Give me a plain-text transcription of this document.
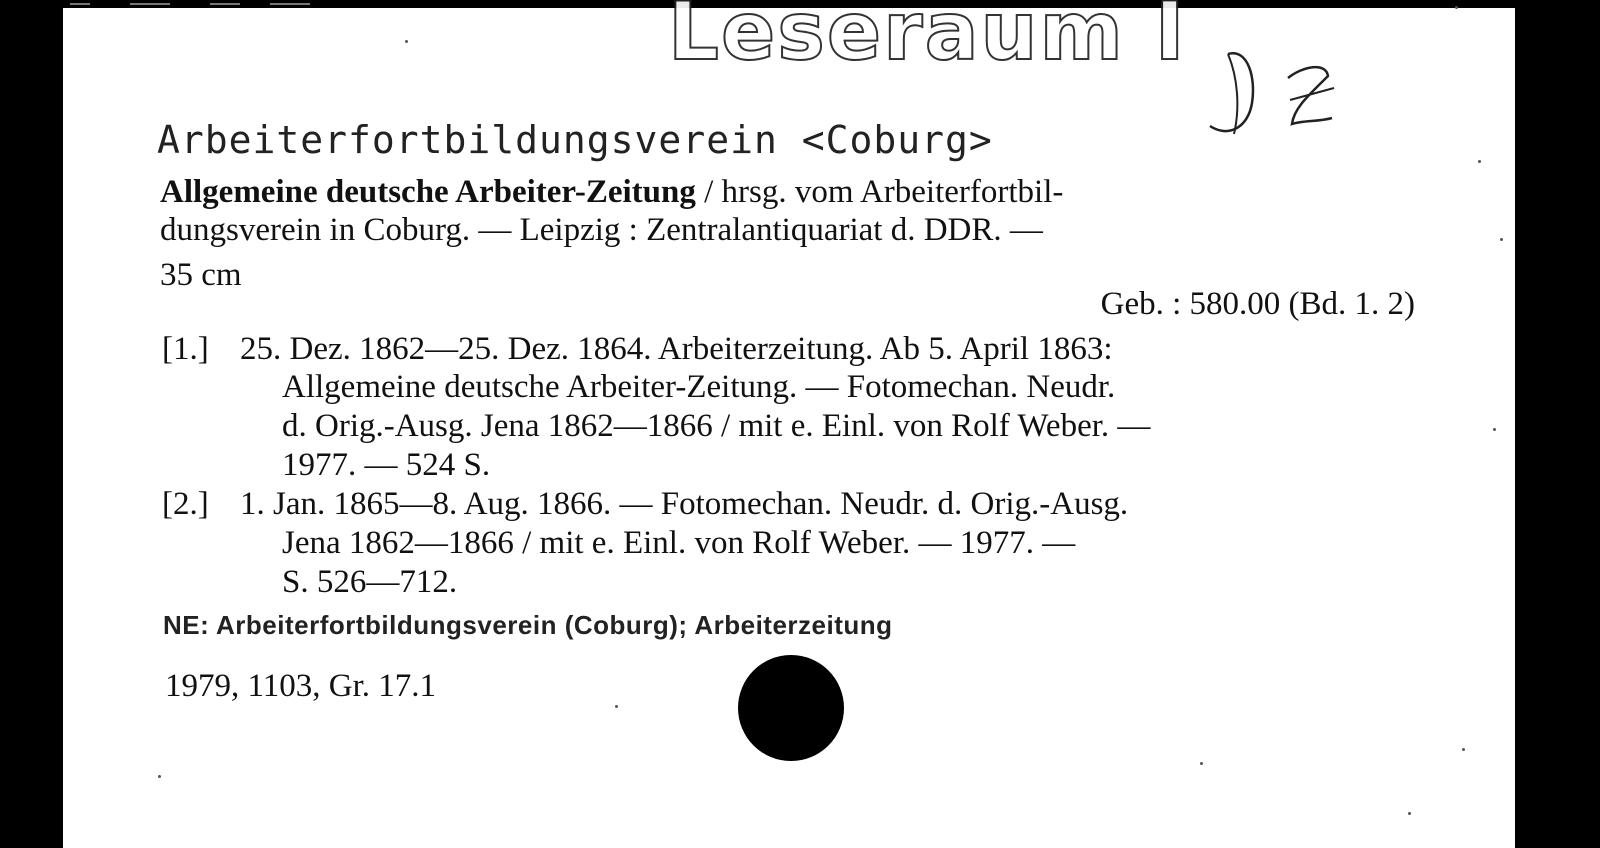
Leseraum I
Arbeiterfortbildungsverein <Coburg>
Allgemeine deutsche Arbeiter-Zeitung / hrsg. vom Arbeiterfortbil-
dungsverein in Coburg. — Leipzig : Zentralantiquariat d. DDR. —
35 cm
Geb. : 580.00 (Bd. 1. 2)
[1.] 25. Dez. 1862—25. Dez. 1864. Arbeiterzeitung. Ab 5. April 1863:
Allgemeine deutsche Arbeiter-Zeitung. — Fotomechan. Neudr.
d. Orig.-Ausg. Jena 1862—1866 / mit e. Einl. von Rolf Weber. —
1977. — 524 S.
[2.] 1. Jan. 1865—8. Aug. 1866. — Fotomechan. Neudr. d. Orig.-Ausg.
Jena 1862—1866 / mit e. Einl. von Rolf Weber. — 1977. —
S. 526—712.
NE: Arbeiterfortbildungsverein (Coburg); Arbeiterzeitung
1979, 1103, Gr. 17.1
